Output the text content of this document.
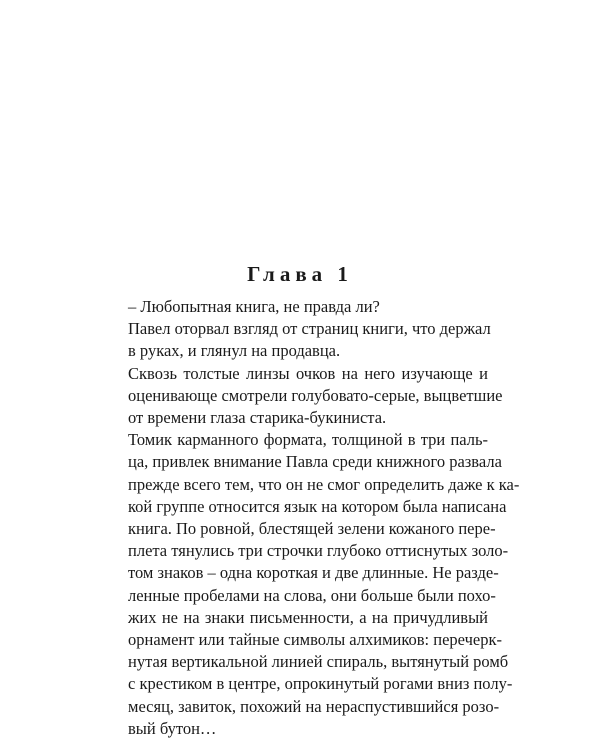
Глава 1

– Любопытная книга, не правда ли?

Павел оторвал взгляд от страниц книги, что держал
в руках, и глянул на продавца.

Сквозь толстые линзы очков на него изучающе и
оценивающе смотрели голубовато-серые, выцветшие
от времени глаза старика-букиниста.

Томик карманного формата, толщиной в три паль-
ца, привлек внимание Павла среди книжного развала
прежде всего тем, что он не смог определить даже к ка-
кой группе относится язык на котором была написана
книга. По ровной, блестящей зелени кожаного пере-
плета тянулись три строчки глубоко оттиснутых золо-
том знаков – одна короткая и две длинные. Не разде-
ленные пробелами на слова, они больше были похо-
жих не на знаки письменности, а на причудливый
орнамент или тайные символы алхимиков: перечерк-
нутая вертикальной линией спираль, вытянутый ромб
с крестиком в центре, опрокинутый рогами вниз полу-
месяц, завиток, похожий на нераспустившийся розо-
вый бутон…
